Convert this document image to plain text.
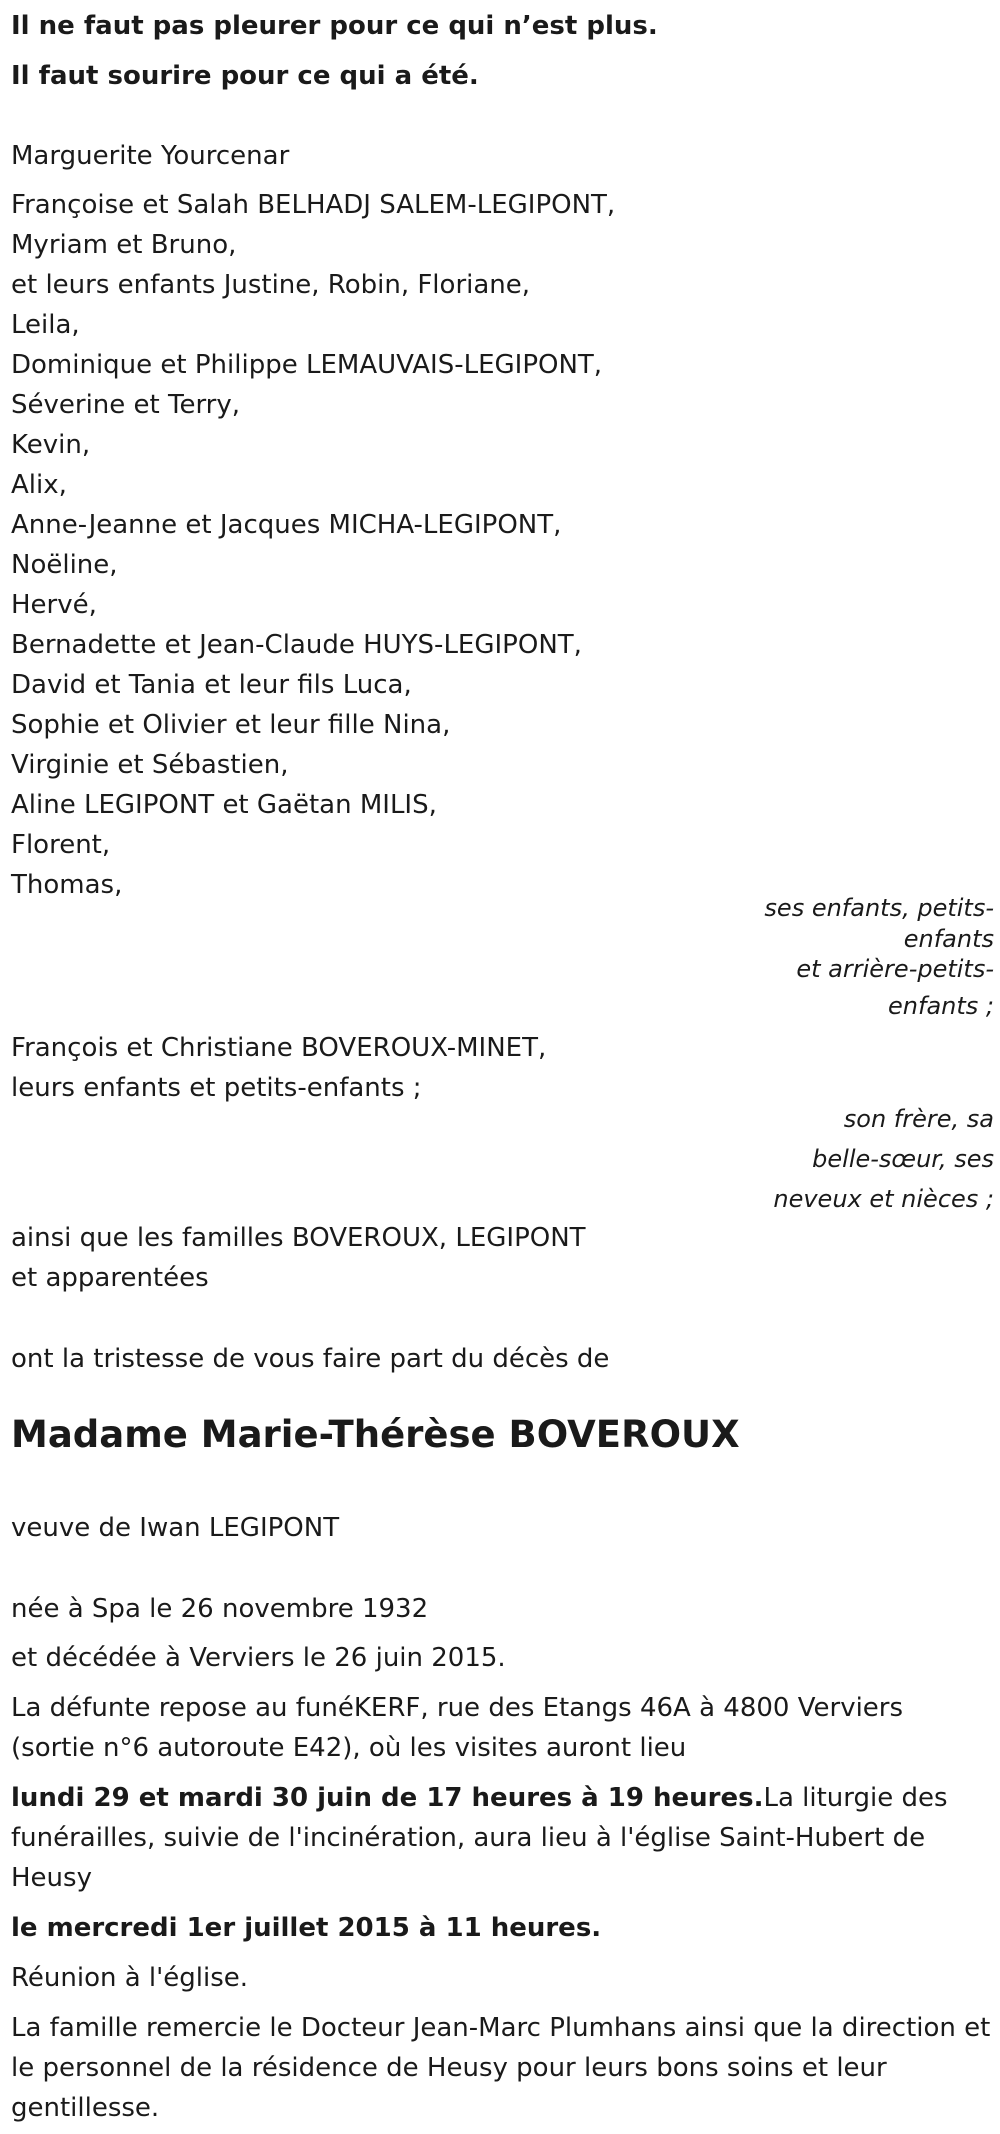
Il ne faut pas pleurer pour ce qui n’est plus.

Il faut sourire pour ce qui a été.

Marguerite Yourcenar

Françoise et Salah BELHADJ SALEM-LEGIPONT,
Myriam et Bruno,
et leurs enfants Justine, Robin, Floriane,
Leila,
Dominique et Philippe LEMAUVAIS-LEGIPONT,
Séverine et Terry,
Kevin,
Alix,
Anne-Jeanne et Jacques MICHA-LEGIPONT,
Noëline,
Hervé,
Bernadette et Jean-Claude HUYS-LEGIPONT,
David et Tania et leur fils Luca,
Sophie et Olivier et leur fille Nina,
Virginie et Sébastien,
Aline LEGIPONT et Gaëtan MILIS,
Florent,
Thomas,
ses enfants, petits-
enfants
et arrière-petits-
enfants ;

François et Christiane BOVEROUX-MINET,

leurs enfants et petits-enfants ;

son frère, sa
belle-sœur, ses
neveux et nièces ;

ainsi que les familles BOVEROUX, LEGIPONT

et apparentées

ont la tristesse de vous faire part du décès de

Madame Marie-Thérèse BOVEROUX

veuve de Iwan LEGIPONT

née à Spa le 26 novembre 1932

et décédée à Verviers le 26 juin 2015.

La défunte repose au funéKERF, rue des Etangs 46A à 4800 Verviers (sortie n°6 autoroute E42), où les visites auront lieu

lundi 29 et mardi 30 juin de 17 heures à 19 heures.La liturgie des funérailles, suivie de l'incinération, aura lieu à l'église Saint-Hubert de Heusy

le mercredi 1er juillet 2015 à 11 heures.

Réunion à l'église.

La famille remercie le Docteur Jean-Marc Plumhans ainsi que la direction et le personnel de la résidence de Heusy pour leurs bons soins et leur gentillesse.
